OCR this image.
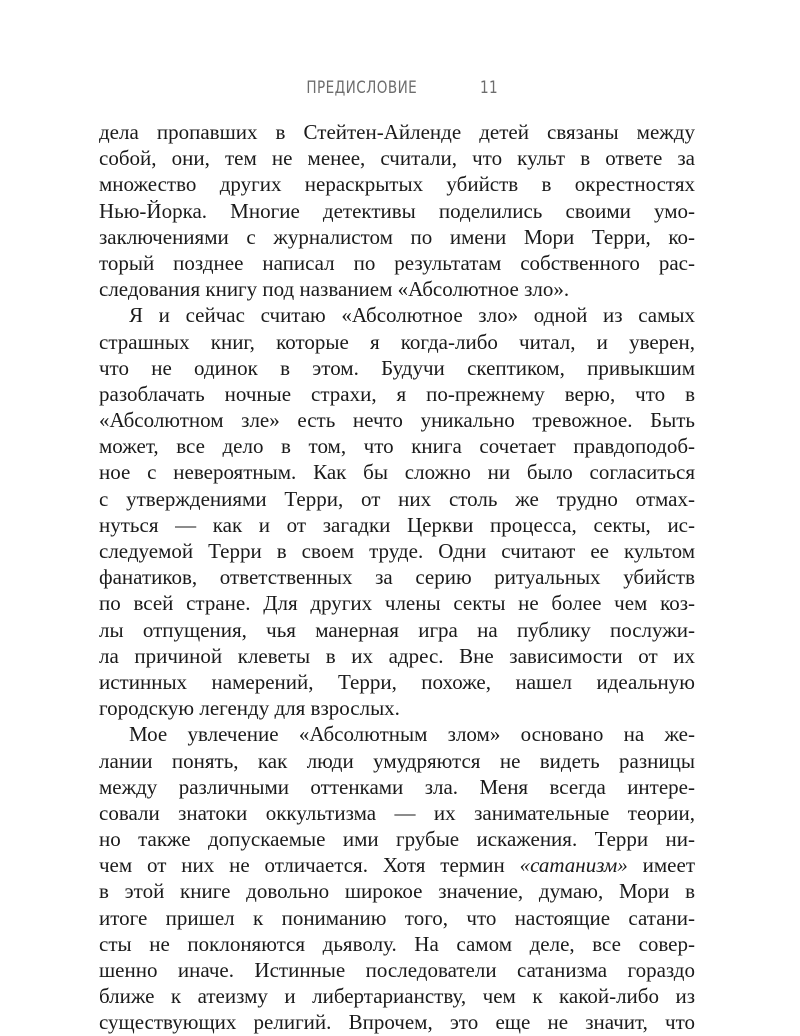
ПРЕДИСЛОВИЕ	11
дела пропавших в Стейтен-Айленде детей связаны между
собой, они, тем не менее, считали, что культ в ответе за
множество других нераскрытых убийств в окрестностях
Нью-Йорка. Многие детективы поделились своими умо-
заключениями с журналистом по имени Мори Терри, ко-
торый позднее написал по результатам собственного рас-
следования книгу под названием «Абсолютное зло».
Я и сейчас считаю «Абсолютное зло» одной из самых
страшных книг, которые я когда-либо читал, и уверен,
что не одинок в этом. Будучи скептиком, привыкшим
разоблачать ночные страхи, я по-прежнему верю, что в
«Абсолютном зле» есть нечто уникально тревожное. Быть
может, все дело в том, что книга сочетает правдоподоб-
ное с невероятным. Как бы сложно ни было согласиться
с утверждениями Терри, от них столь же трудно отмах-
нуться — как и от загадки Церкви процесса, секты, ис-
следуемой Терри в своем труде. Одни считают ее культом
фанатиков, ответственных за серию ритуальных убийств
по всей стране. Для других члены секты не более чем коз-
лы отпущения, чья манерная игра на публику послужи-
ла причиной клеветы в их адрес. Вне зависимости от их
истинных намерений, Терри, похоже, нашел идеальную
городскую легенду для взрослых.
Мое увлечение «Абсолютным злом» основано на же-
лании понять, как люди умудряются не видеть разницы
между различными оттенками зла. Меня всегда интере-
совали знатоки оккультизма — их занимательные теории,
но также допускаемые ими грубые искажения. Терри ни-
чем от них не отличается. Хотя термин «сатанизм» имеет
в этой книге довольно широкое значение, думаю, Мори в
итоге пришел к пониманию того, что настоящие сатани-
сты не поклоняются дьяволу. На самом деле, все совер-
шенно иначе. Истинные последователи сатанизма гораздо
ближе к атеизму и либертарианству, чем к какой-либо из
существующих религий. Впрочем, это еще не значит, что
